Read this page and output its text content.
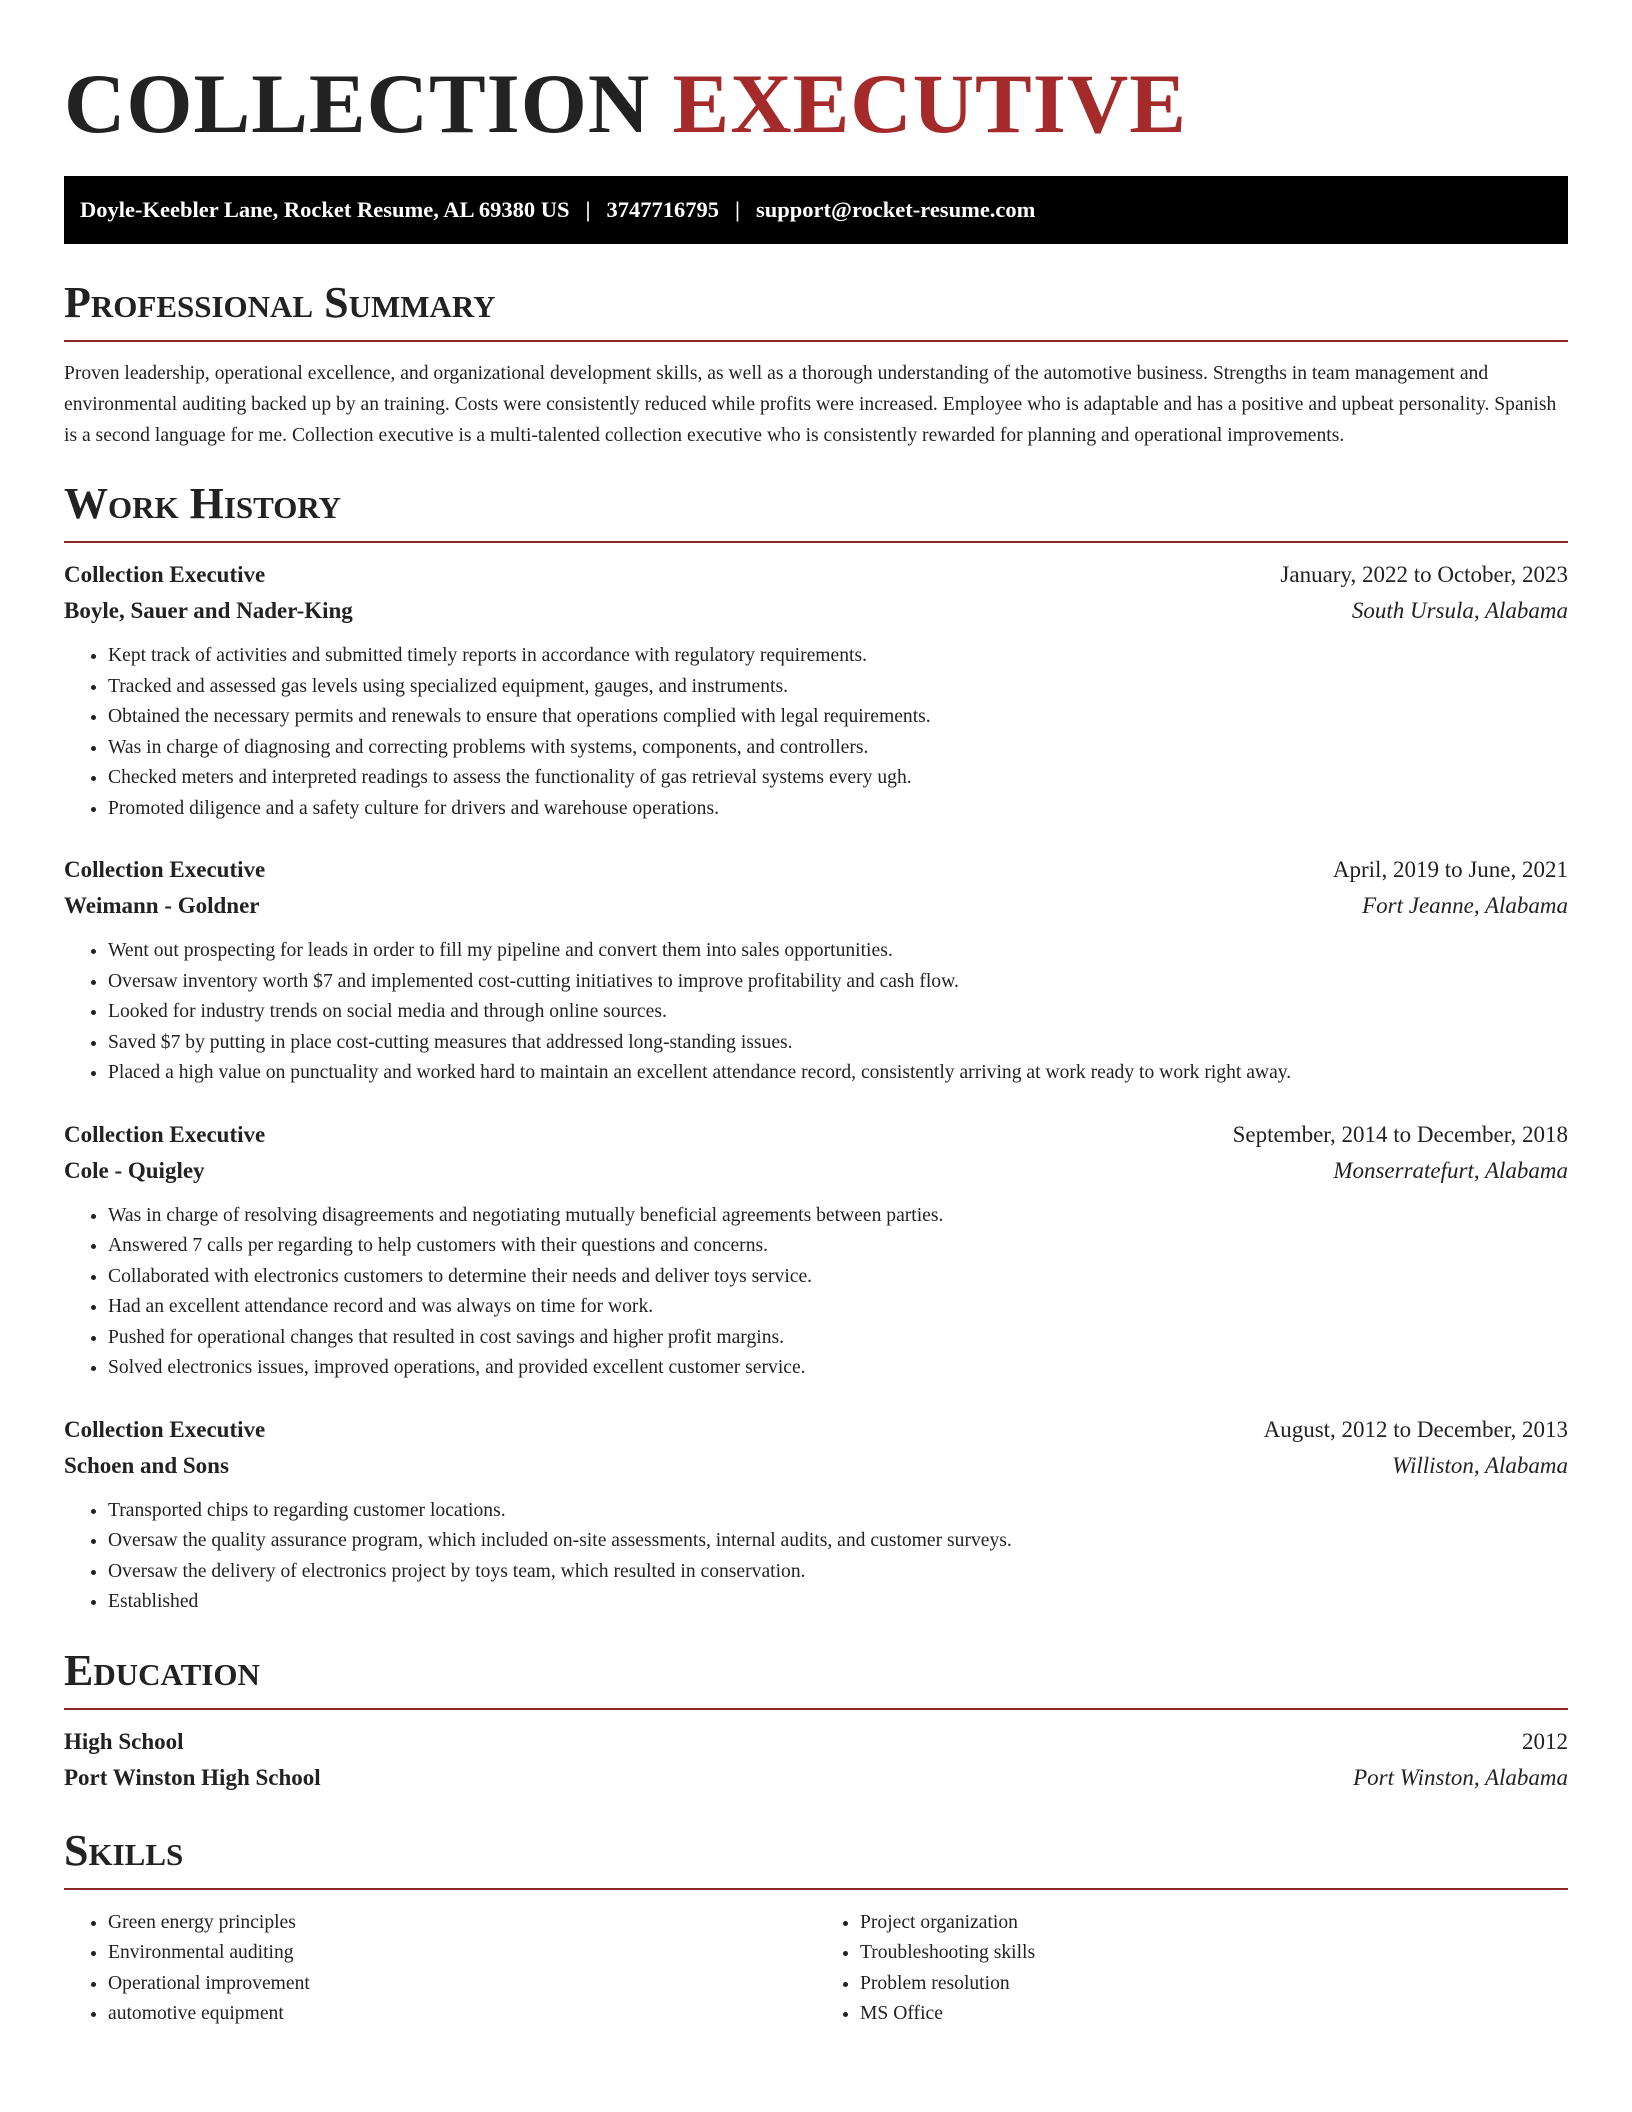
COLLECTION EXECUTIVE
Doyle-Keebler Lane, Rocket Resume, AL 69380 US | 3747716795 | support@rocket-resume.com
Professional Summary
Proven leadership, operational excellence, and organizational development skills, as well as a thorough understanding of the automotive business. Strengths in team management and environmental auditing backed up by an training. Costs were consistently reduced while profits were increased. Employee who is adaptable and has a positive and upbeat personality. Spanish is a second language for me. Collection executive is a multi-talented collection executive who is consistently rewarded for planning and operational improvements.
Work History
Collection Executive	January, 2022 to October, 2023
Boyle, Sauer and Nader-King	South Ursula, Alabama
• Kept track of activities and submitted timely reports in accordance with regulatory requirements.
• Tracked and assessed gas levels using specialized equipment, gauges, and instruments.
• Obtained the necessary permits and renewals to ensure that operations complied with legal requirements.
• Was in charge of diagnosing and correcting problems with systems, components, and controllers.
• Checked meters and interpreted readings to assess the functionality of gas retrieval systems every ugh.
• Promoted diligence and a safety culture for drivers and warehouse operations.
Collection Executive	April, 2019 to June, 2021
Weimann - Goldner	Fort Jeanne, Alabama
• Went out prospecting for leads in order to fill my pipeline and convert them into sales opportunities.
• Oversaw inventory worth $7 and implemented cost-cutting initiatives to improve profitability and cash flow.
• Looked for industry trends on social media and through online sources.
• Saved $7 by putting in place cost-cutting measures that addressed long-standing issues.
• Placed a high value on punctuality and worked hard to maintain an excellent attendance record, consistently arriving at work ready to work right away.
Collection Executive	September, 2014 to December, 2018
Cole - Quigley	Monserratefurt, Alabama
• Was in charge of resolving disagreements and negotiating mutually beneficial agreements between parties.
• Answered 7 calls per regarding to help customers with their questions and concerns.
• Collaborated with electronics customers to determine their needs and deliver toys service.
• Had an excellent attendance record and was always on time for work.
• Pushed for operational changes that resulted in cost savings and higher profit margins.
• Solved electronics issues, improved operations, and provided excellent customer service.
Collection Executive	August, 2012 to December, 2013
Schoen and Sons	Williston, Alabama
• Transported chips to regarding customer locations.
• Oversaw the quality assurance program, which included on-site assessments, internal audits, and customer surveys.
• Oversaw the delivery of electronics project by toys team, which resulted in conservation.
• Established
Education
High School	2012
Port Winston High School	Port Winston, Alabama
Skills
• Green energy principles
• Environmental auditing
• Operational improvement
• automotive equipment
• Project organization
• Troubleshooting skills
• Problem resolution
• MS Office
